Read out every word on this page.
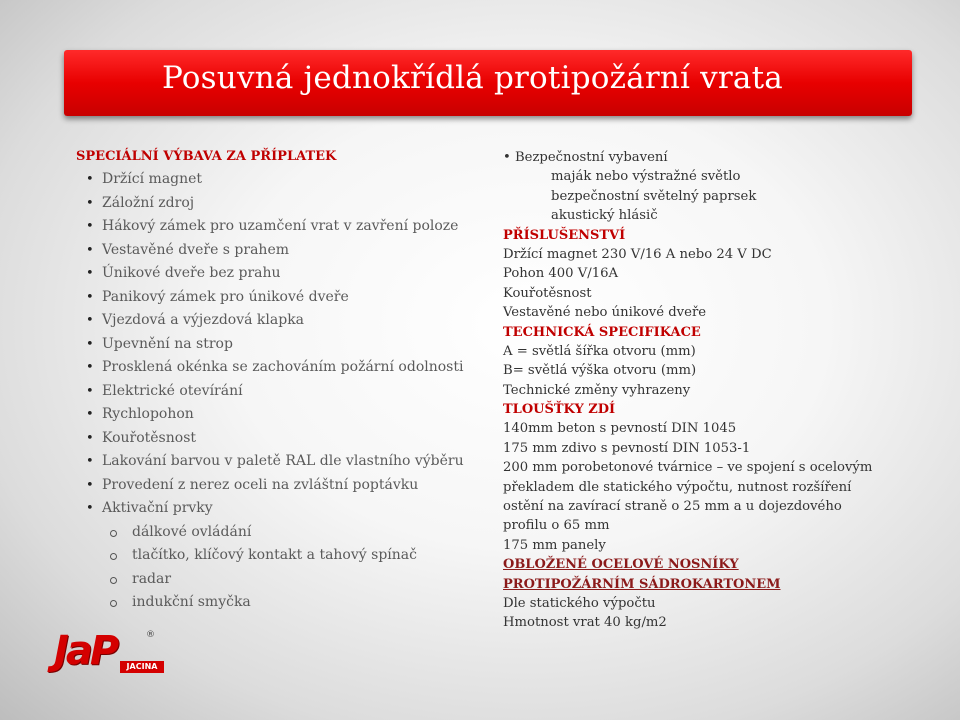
Posuvná jednokřídlá protipožární vrata
SPECIÁLNÍ VÝBAVA ZA PŘÍPLATEK
• Držící magnet
• Záložní zdroj
• Hákový zámek pro uzamčení vrat v zavření poloze
• Vestavěné dveře s prahem
• Únikové dveře bez prahu
• Panikový zámek pro únikové dveře
• Vjezdová a výjezdová klapka
• Upevnění na strop
• Prosklená okénka se zachováním požární odolnosti
• Elektrické otevírání
• Rychlopohon
• Kouřotěsnost
• Lakování barvou v paletě RAL dle vlastního výběru
• Provedení z nerez oceli na zvláštní poptávku
• Aktivační prvky
dálkové ovládání
tlačítko, klíčový kontakt a tahový spínač
radar
indukční smyčka
• Bezpečnostní vybavení
maják nebo výstražné světlo
bezpečnostní světelný paprsek
akustický hlásič
PŘÍSLUŠENSTVÍ
Držící magnet 230 V/16 A nebo 24 V DC
Pohon 400 V/16A
Kouřotěsnost
Vestavěné nebo únikové dveře
TECHNICKÁ SPECIFIKACE
A = světlá šířka otvoru (mm)
B= světlá výška otvoru (mm)
Technické změny vyhrazeny
TLOUŠŤKY ZDÍ
140mm beton s pevností DIN 1045
175 mm zdivo s pevností DIN 1053-1
200 mm porobetonové tvárnice – ve spojení s ocelovým
překladem dle statického výpočtu, nutnost rozšíření
ostění na zavírací straně o 25 mm a u dojezdového
profilu o 65 mm
175 mm panely
OBLOŽENÉ OCELOVÉ NOSNÍKY
PROTIPOŽÁRNÍM SÁDROKARTONEM
Dle statického výpočtu
Hmotnost vrat 40 kg/m2
JaP	®
JACINA
